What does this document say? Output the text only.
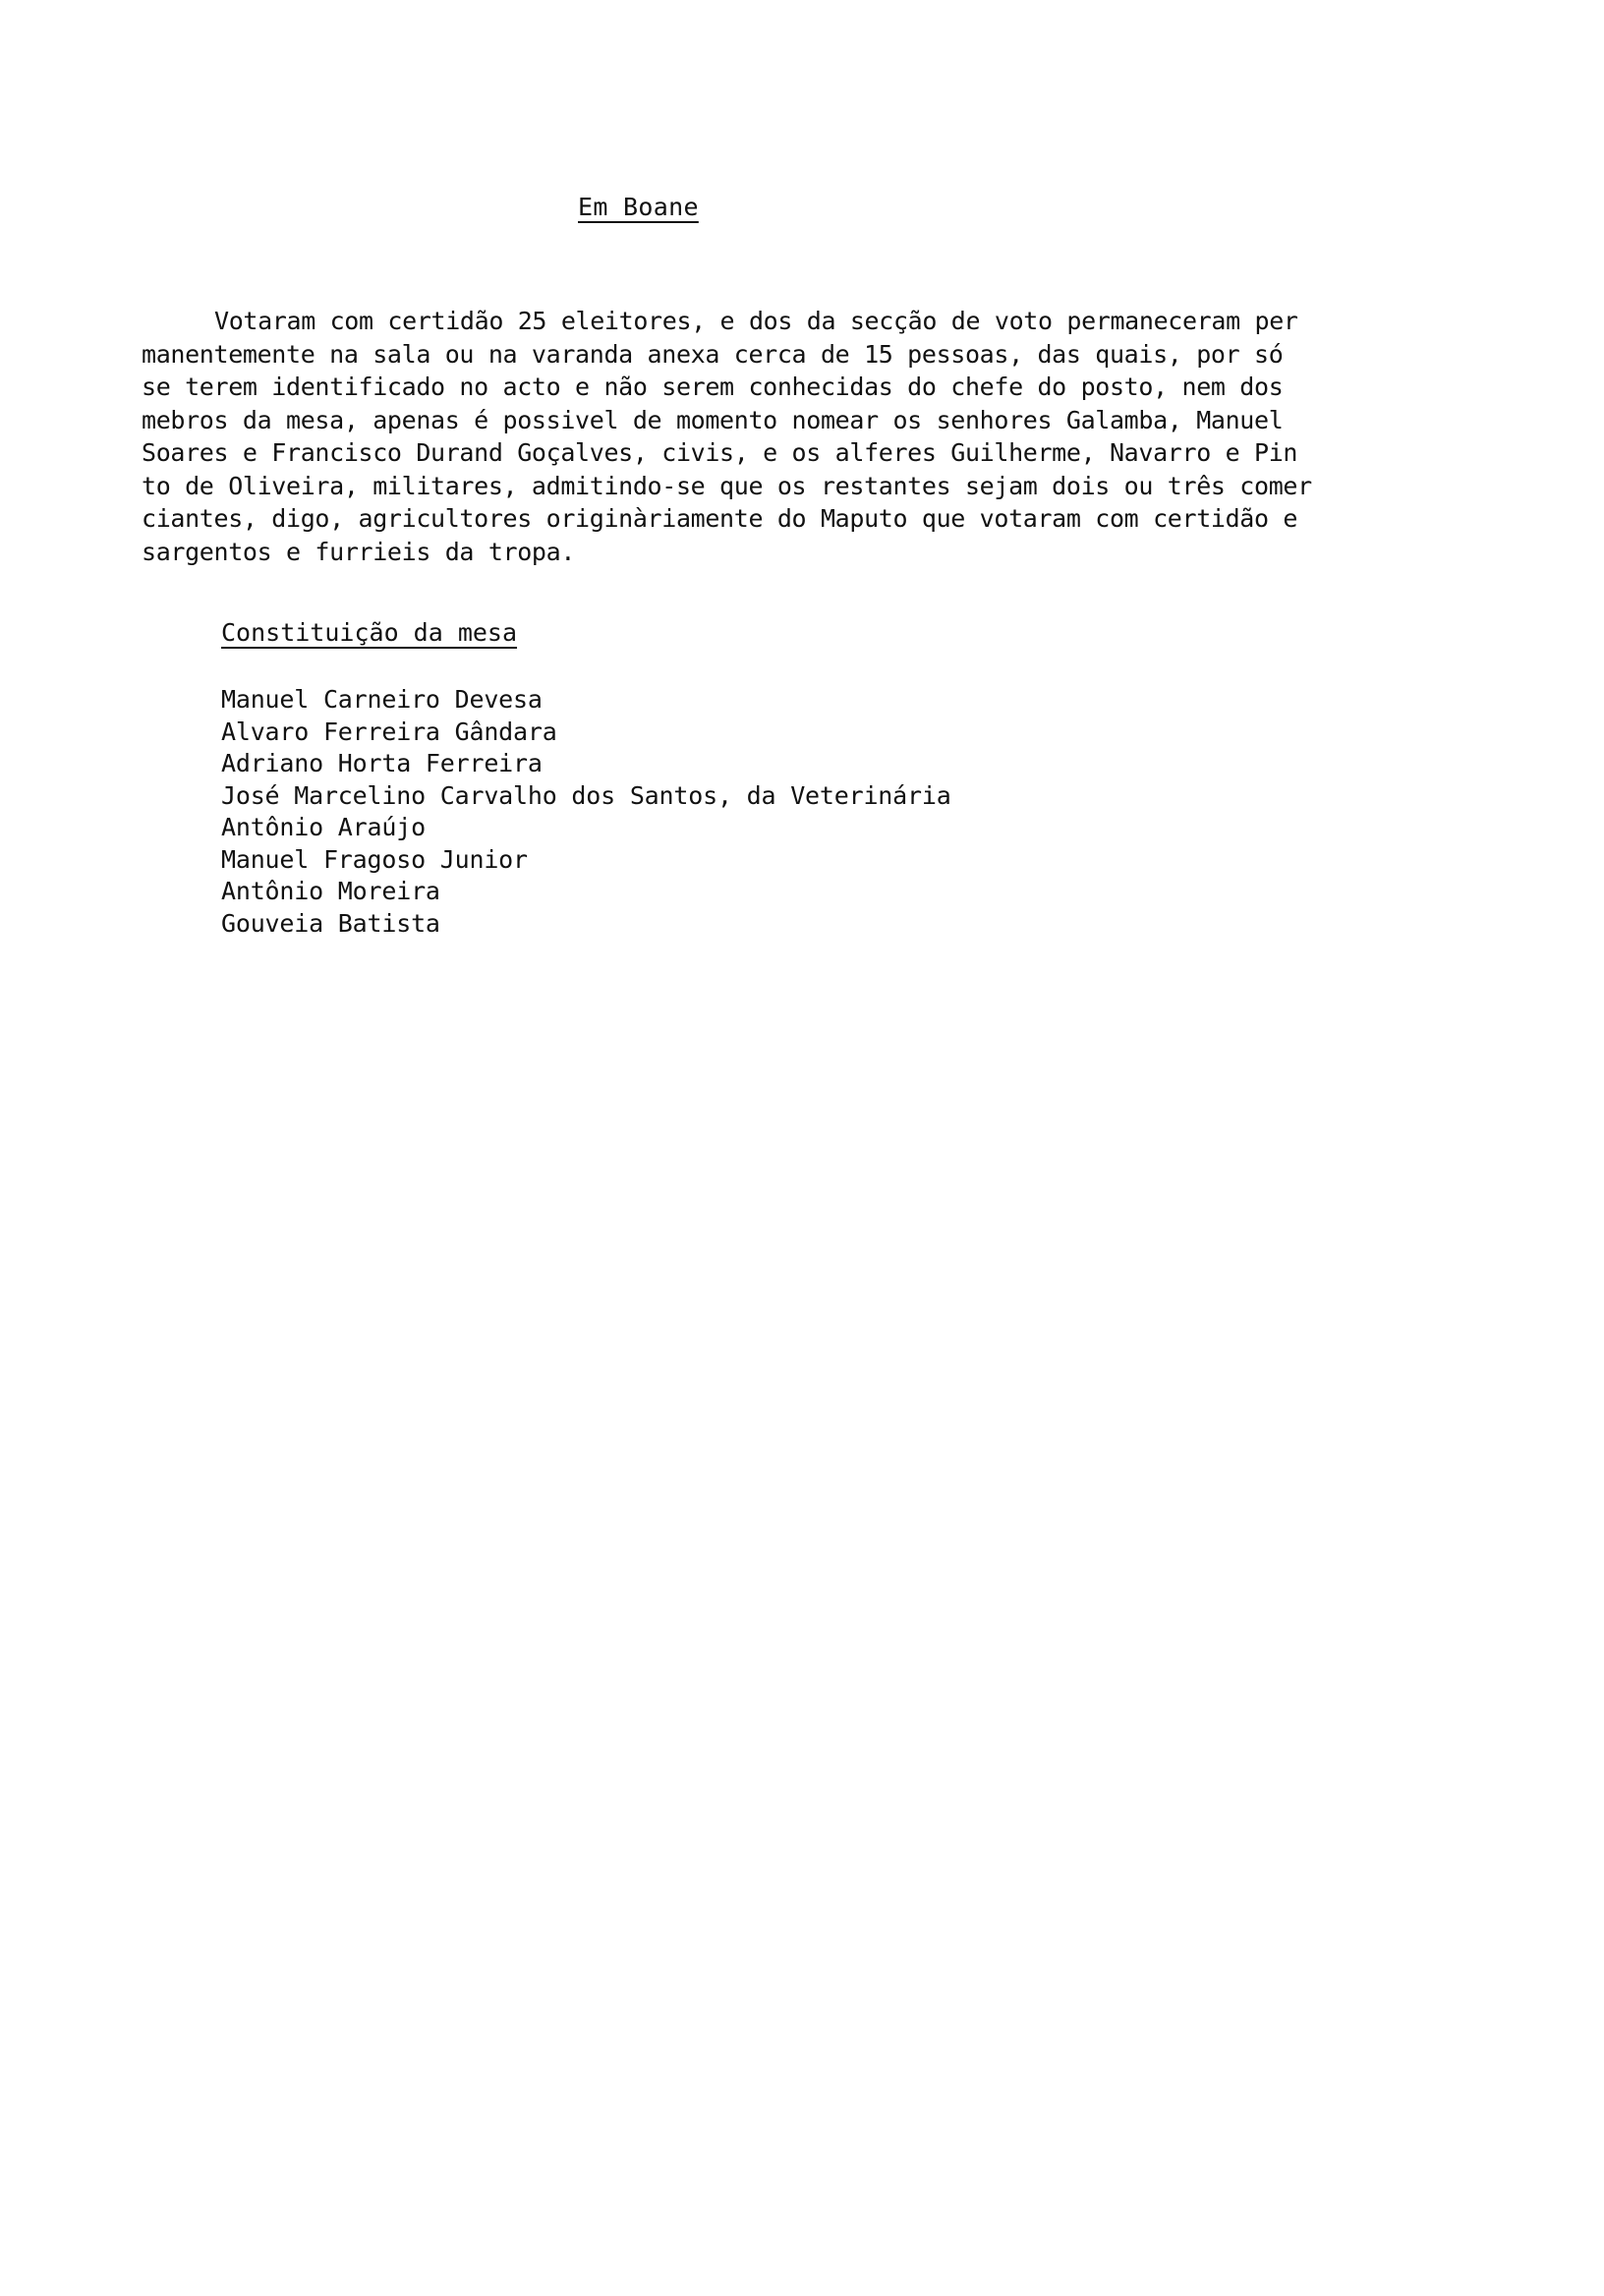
Em Boane
Votaram com certidão 25 eleitores, e dos da secção de voto permaneceram per
manentemente na sala ou na varanda anexa cerca de 15 pessoas, das quais, por só
se terem identificado no acto e não serem conhecidas do chefe do posto, nem dos
mebros da mesa, apenas é possivel de momento nomear os senhores Galamba, Manuel
Soares e Francisco Durand Goçalves, civis, e os alferes Guilherme, Navarro e Pin
to de Oliveira, militares, admitindo-se que os restantes sejam dois ou três comer
ciantes, digo, agricultores originàriamente do Maputo que votaram com certidão e
sargentos e furrieis da tropa.
Constituição da mesa
Manuel Carneiro Devesa
Alvaro Ferreira Gândara
Adriano Horta Ferreira
José Marcelino Carvalho dos Santos, da Veterinária
Antônio Araújo
Manuel Fragoso Junior
Antônio Moreira
Gouveia Batista
